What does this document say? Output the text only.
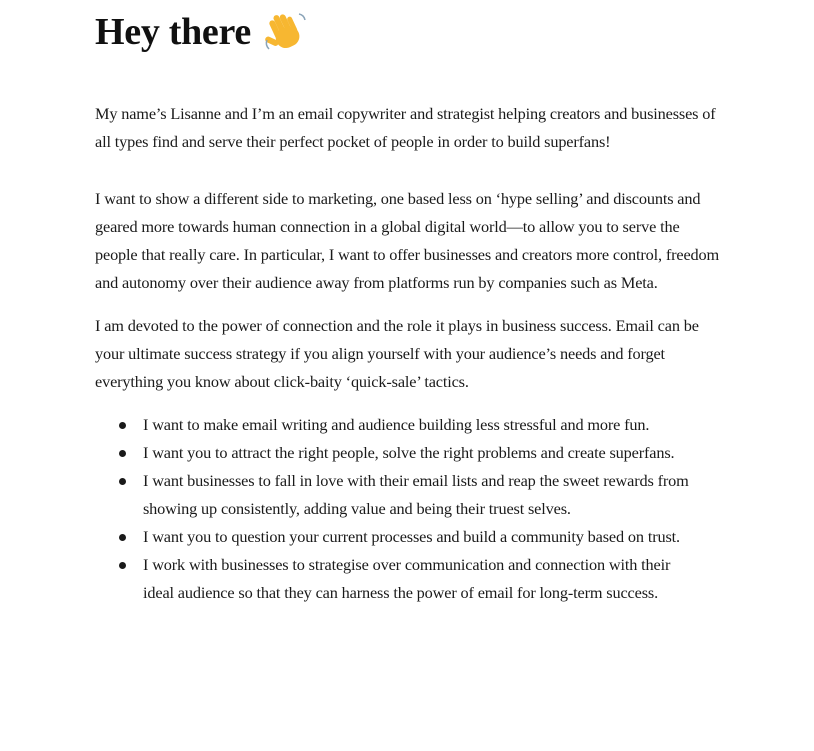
Hey there

My name’s Lisanne and I’m an email copywriter and strategist helping creators and businesses of all types find and serve their perfect pocket of people in order to build superfans!

I want to show a different side to marketing, one based less on ‘hype selling’ and discounts and geared more towards human connection in a global digital world—to allow you to serve the people that really care. In particular, I want to offer businesses and creators more control, freedom and autonomy over their audience away from platforms run by companies such as Meta.

I am devoted to the power of connection and the role it plays in business success. Email can be your ultimate success strategy if you align yourself with your audience’s needs and forget everything you know about click-baity ‘quick-sale’ tactics.

I want to make email writing and audience building less stressful and more fun.
I want you to attract the right people, solve the right problems and create superfans.
I want businesses to fall in love with their email lists and reap the sweet rewards from showing up consistently, adding value and being their truest selves.
I want you to question your current processes and build a community based on trust.
I work with businesses to strategise over communication and connection with their ideal audience so that they can harness the power of email for long-term success.
